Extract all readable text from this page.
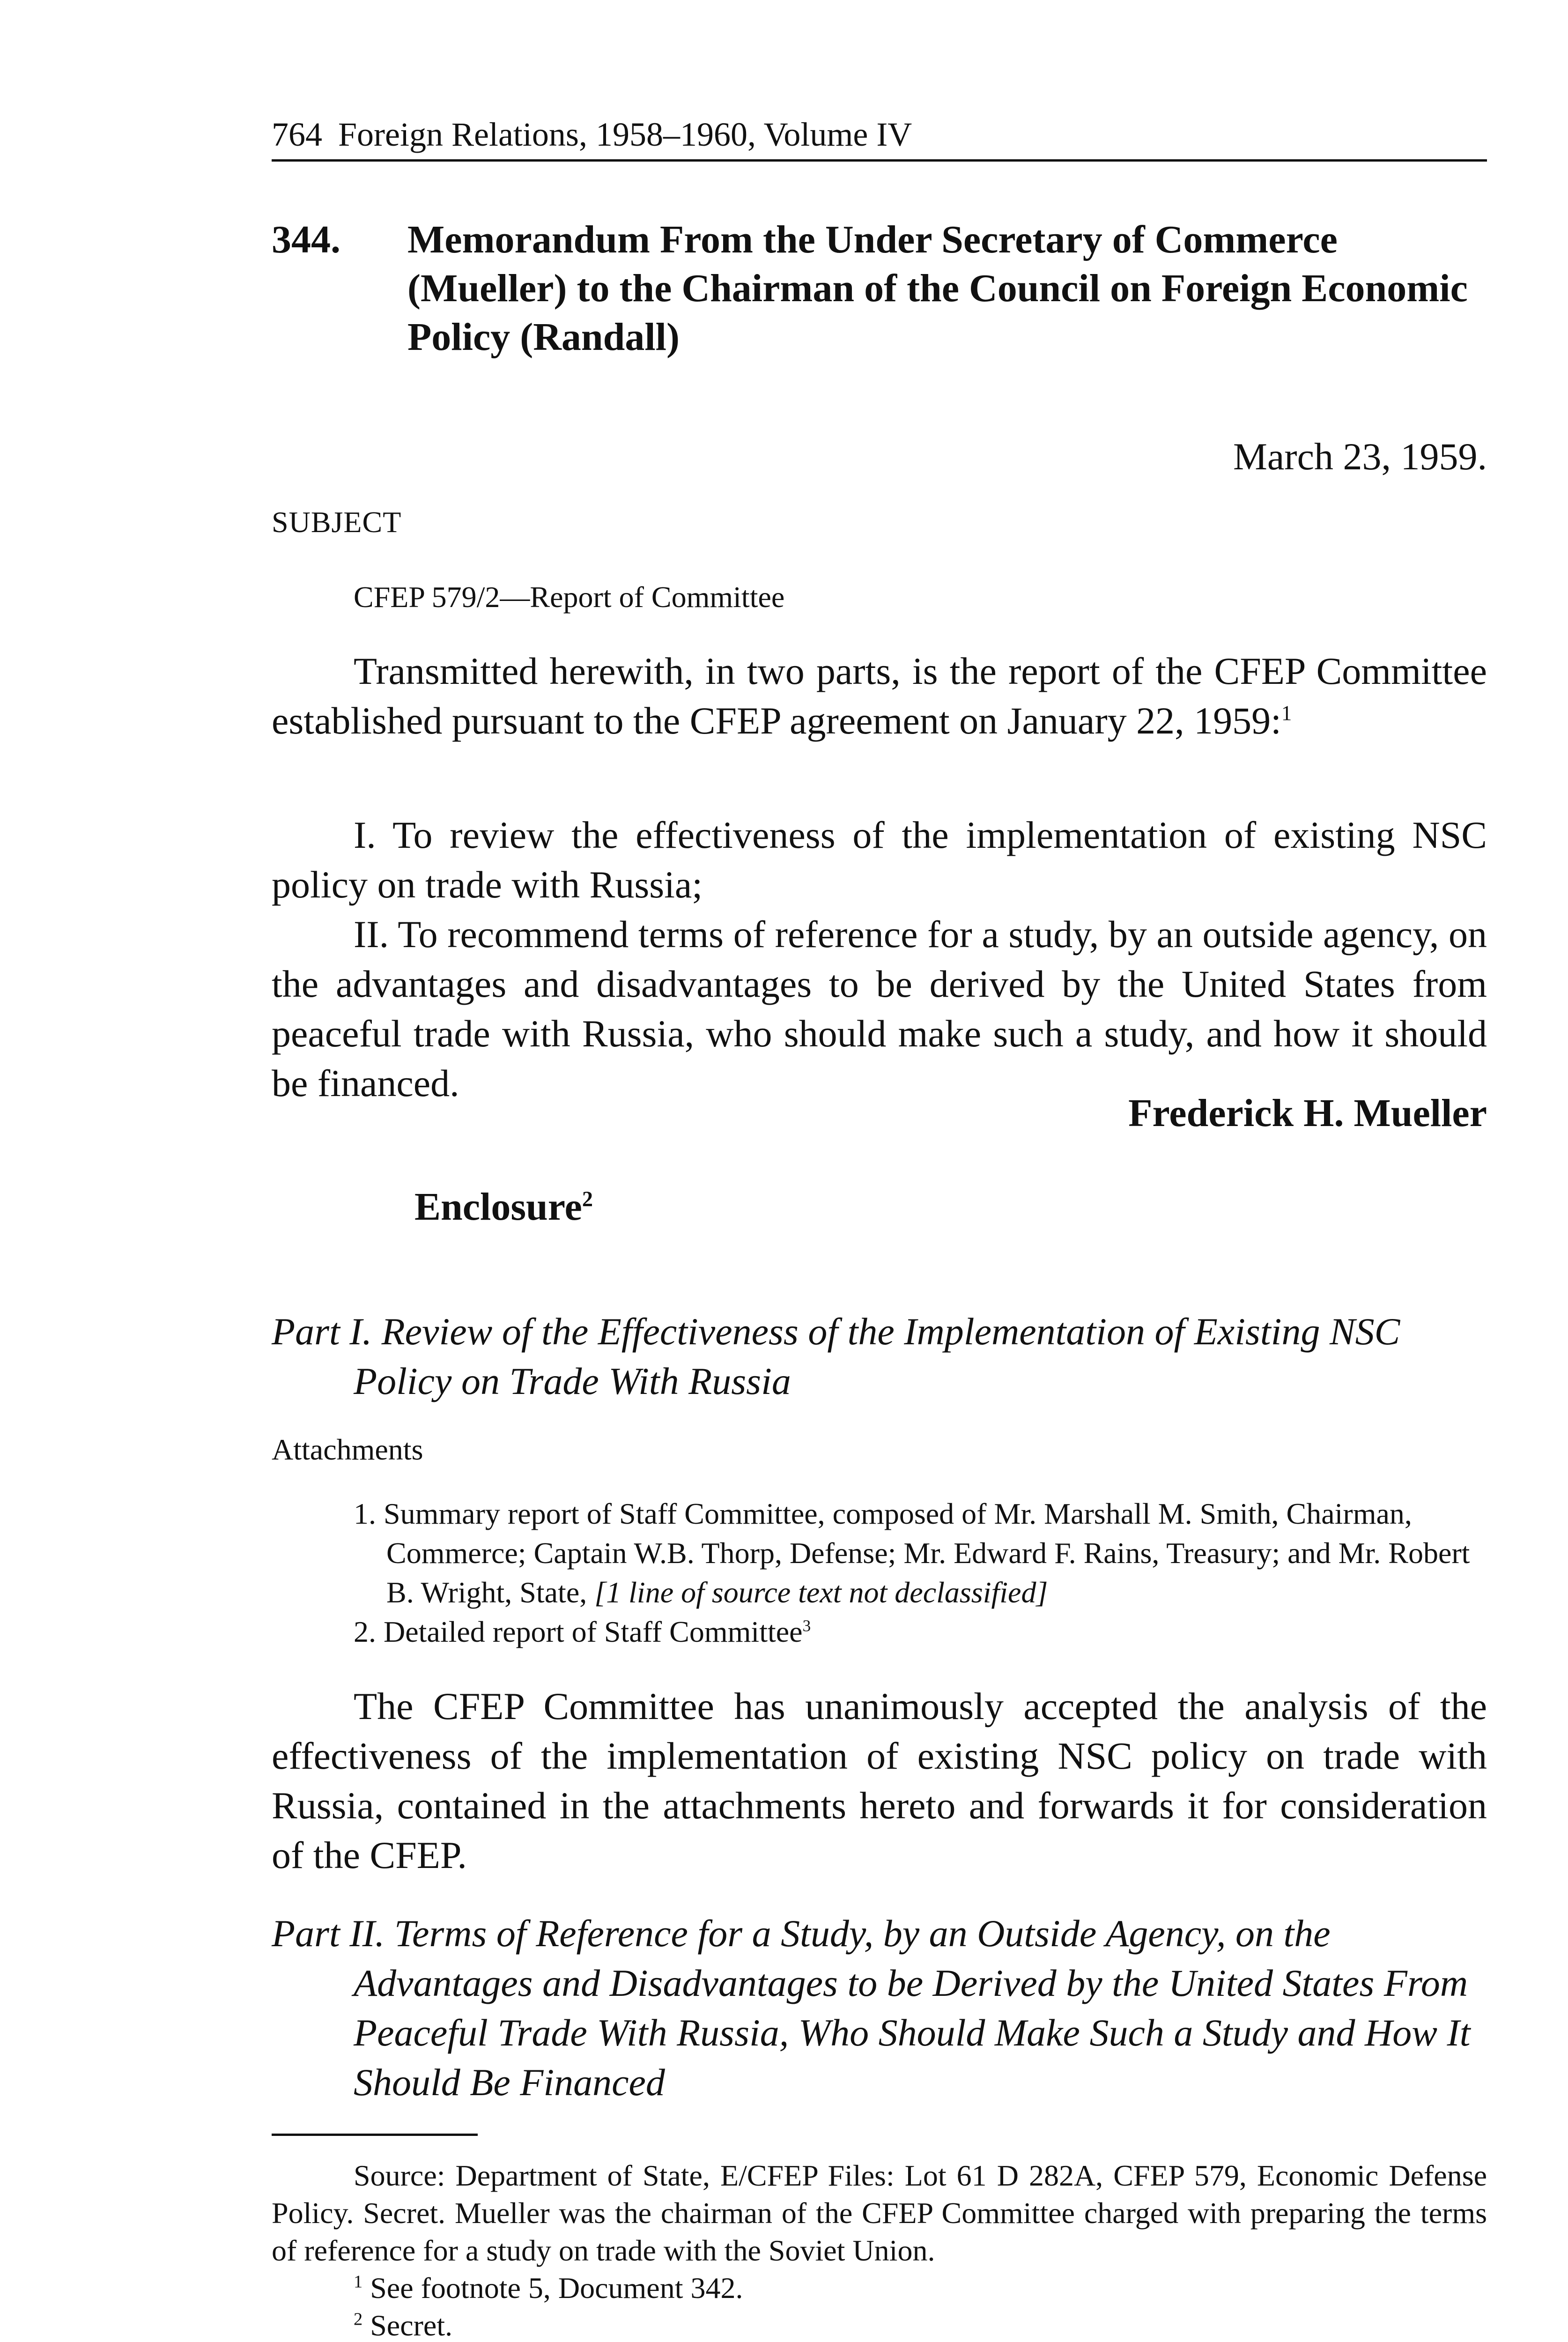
764 Foreign Relations, 1958–1960, Volume IV
344. Memorandum From the Under Secretary of Commerce (Mueller) to the Chairman of the Council on Foreign Economic Policy (Randall)
March 23, 1959.
SUBJECT
CFEP 579/2—Report of Committee
Transmitted herewith, in two parts, is the report of the CFEP Committee established pursuant to the CFEP agreement on January 22, 1959:$^1$

I. To review the effectiveness of the implementation of existing NSC policy on trade with Russia;

II. To recommend terms of reference for a study, by an outside agency, on the advantages and disadvantages to be derived by the United States from peaceful trade with Russia, who should make such a study, and how it should be financed.

Frederick H. Mueller
Enclosure$^2$
Part I. Review of the Effectiveness of the Implementation of Existing NSC Policy on Trade With Russia
Attachments
1. Summary report of Staff Committee, composed of Mr. Marshall M. Smith, Chairman, Commerce; Captain W.B. Thorp, Defense; Mr. Edward F. Rains, Treasury; and Mr. Robert B. Wright, State, [1 line of source text not declassified]
2. Detailed report of Staff Committee$^3$
The CFEP Committee has unanimously accepted the analysis of the effectiveness of the implementation of existing NSC policy on trade with Russia, contained in the attachments hereto and forwards it for consideration of the CFEP.
Part II. Terms of Reference for a Study, by an Outside Agency, on the Advantages and Disadvantages to be Derived by the United States From Peaceful Trade With Russia, Who Should Make Such a Study and How It Should Be Financed

Source: Department of State, E/CFEP Files: Lot 61 D 282A, CFEP 579, Economic Defense Policy. Secret. Mueller was the chairman of the CFEP Committee charged with preparing the terms of reference for a study on trade with the Soviet Union.

$^1$ See footnote 5, Document 342.

$^2$ Secret.
